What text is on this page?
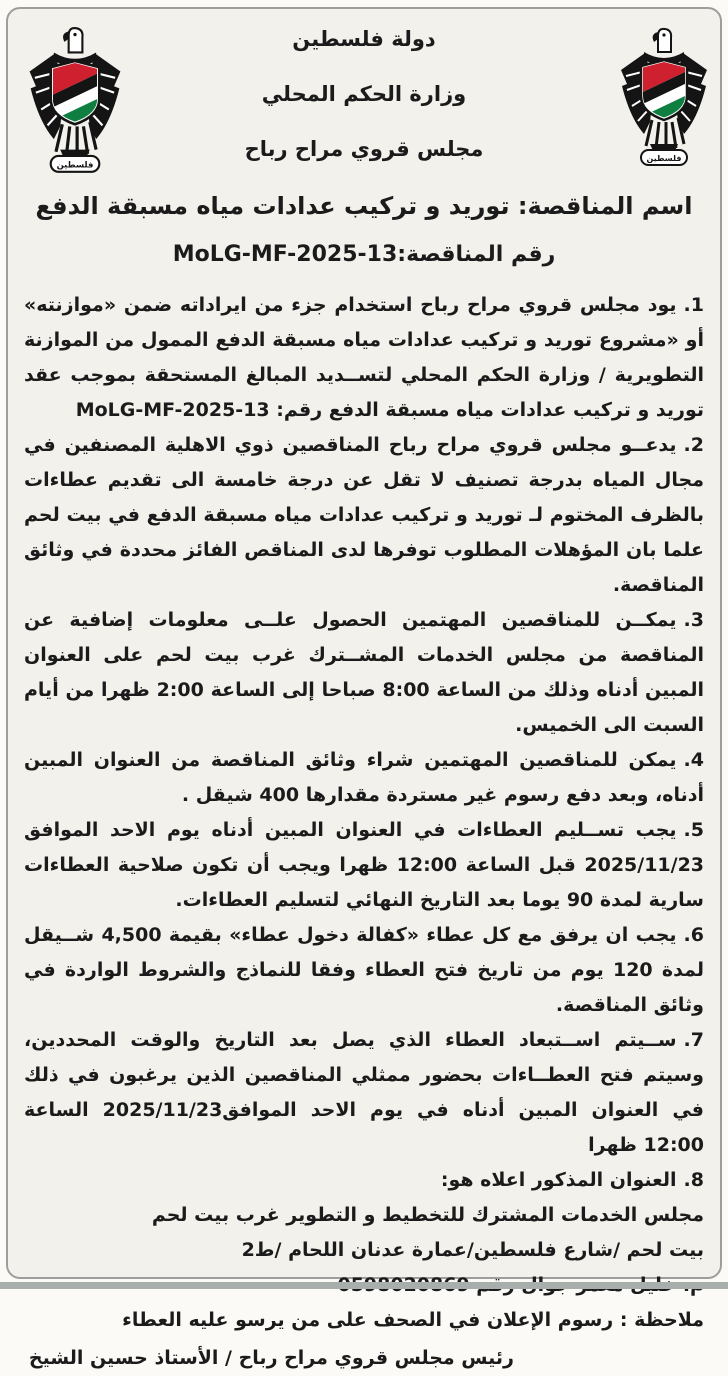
فلسطين
فلسطين
دولة فلسطين
وزارة الحكم المحلي
مجلس قروي مراح رباح
اسم المناقصة: توريد و تركيب عدادات مياه مسبقة الدفع
رقم المناقصة:MoLG-MF-2025-13

1.يود مجلس قروي مراح رباح استخدام جزء من ايراداته ضمن «موازنته» أو «مشروع توريد و تركيب عدادات مياه مسبقة الدفع الممول من الموازنة التطويرية / وزارة الحكم المحلي لتســديد المبالغ المستحقة بموجب عقد توريد و تركيب عدادات مياه مسبقة الدفع رقم: MoLG-MF-2025-13

2.يدعــو مجلس قروي مراح رباح المناقصين ذوي الاهلية المصنفين في مجال المياه بدرجة تصنيف لا تقل عن درجة خامسة الى تقديم عطاءات بالظرف المختوم لـ توريد و تركيب عدادات مياه مسبقة الدفع في بيت لحم علما بان المؤهلات المطلوب توفرها لدى المناقص الفائز محددة في وثائق المناقصة.

3.يمكــن للمناقصين المهتمين الحصول علــى معلومات إضافية عن المناقصة من مجلس الخدمات المشــترك غرب بيت لحم على العنوان المبين أدناه وذلك من الساعة 8:00 صباحا إلى الساعة 2:00 ظهرا من أيام السبت الى الخميس.

4.يمكن للمناقصين المهتمين شراء وثائق المناقصة من العنوان المبين أدناه، وبعد دفع رسوم غير مستردة مقدارها 400 شيقل .

5.يجب تســليم العطاءات في العنوان المبين أدناه يوم الاحد الموافق 2025/11/23 قبل الساعة 12:00 ظهرا ويجب أن تكون صلاحية العطاءات سارية لمدة 90 يوما بعد التاريخ النهائي لتسليم العطاءات.

6.يجب ان يرفق مع كل عطاء «كفالة دخول عطاء» بقيمة 4,500 شــيقل لمدة 120 يوم من تاريخ فتح العطاء وفقا للنماذج والشروط الواردة في وثائق المناقصة.

7.ســيتم اســتبعاد العطاء الذي يصل بعد التاريخ والوقت المحددين، وسيتم فتح العطــاءات بحضور ممثلي المناقصين الذين يرغبون في ذلك في العنوان المبين أدناه في يوم الاحد الموافق2025/11/23 الساعة 12:00 ظهرا

8.العنوان المذكور اعلاه هو:

مجلس الخدمات المشترك للتخطيط و التطوير غرب بيت لحم

بيت لحم /شارع فلسطين/عمارة عدنان اللحام /ط2

ملاحظة : رسوم الإعلان في الصحف على من يرسو عليه العطاء

رئيس مجلس قروي مراح رباح / الأستاذ حسين الشيخ
